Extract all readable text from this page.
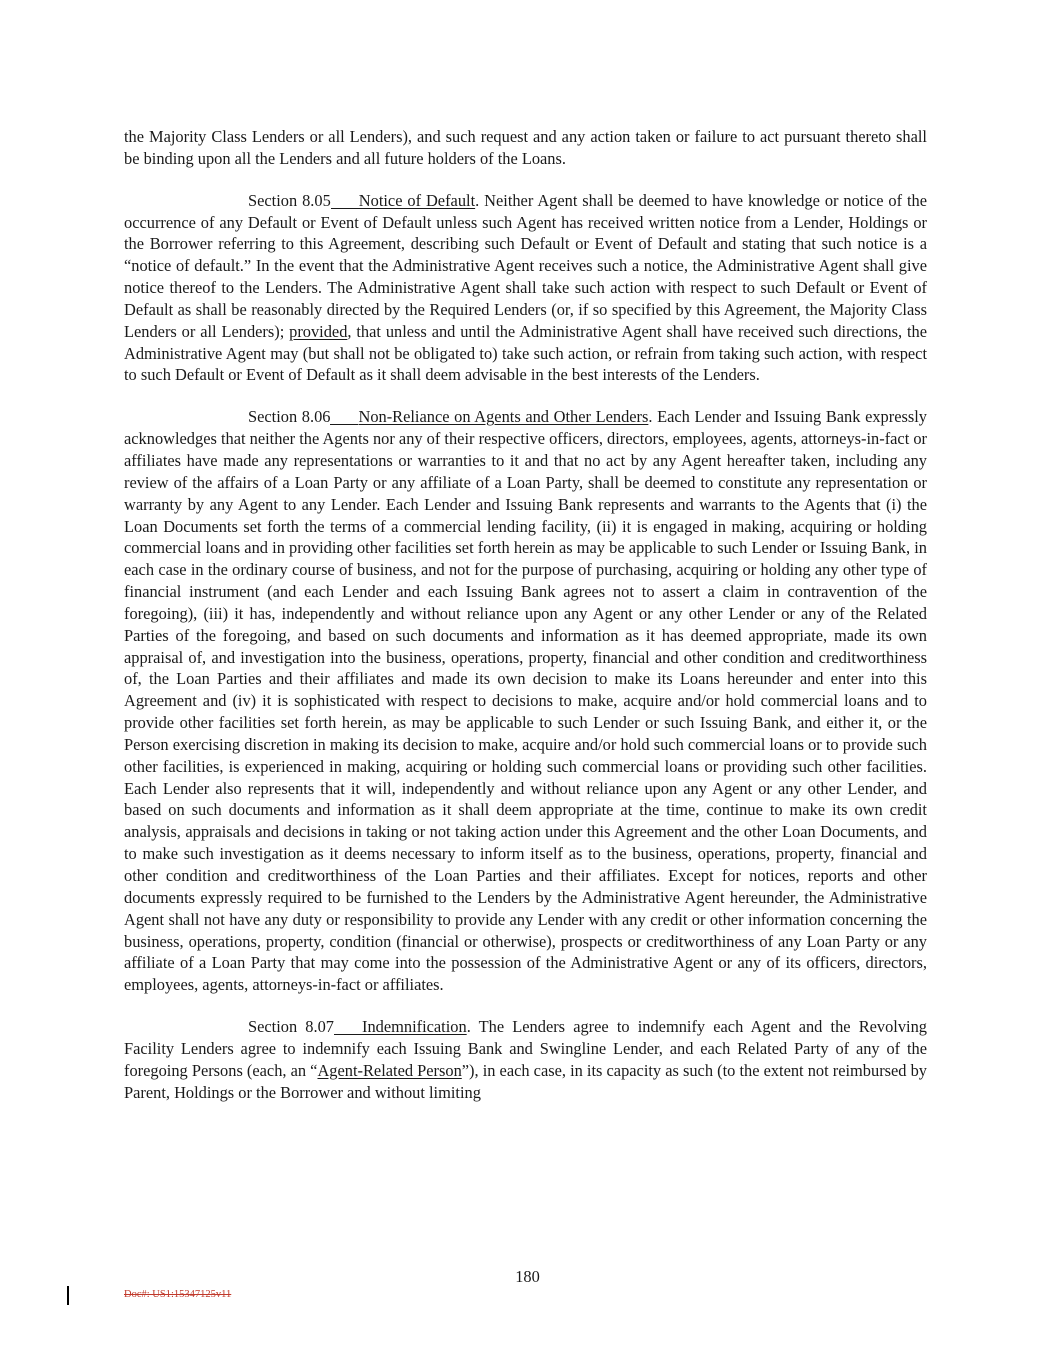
the Majority Class Lenders or all Lenders), and such request and any action taken or failure to act pursuant thereto shall be binding upon all the Lenders and all future holders of the Loans.

Section 8.05 Notice of Default. Neither Agent shall be deemed to have knowledge or notice of the occurrence of any Default or Event of Default unless such Agent has received written notice from a Lender, Holdings or the Borrower referring to this Agreement, describing such Default or Event of Default and stating that such notice is a “notice of default.” In the event that the Administrative Agent receives such a notice, the Administrative Agent shall give notice thereof to the Lenders. The Administrative Agent shall take such action with respect to such Default or Event of Default as shall be reasonably directed by the Required Lenders (or, if so specified by this Agreement, the Majority Class Lenders or all Lenders); provided, that unless and until the Administrative Agent shall have received such directions, the Administrative Agent may (but shall not be obligated to) take such action, or refrain from taking such action, with respect to such Default or Event of Default as it shall deem advisable in the best interests of the Lenders.

Section 8.06 Non-Reliance on Agents and Other Lenders. Each Lender and Issuing Bank expressly acknowledges that neither the Agents nor any of their respective officers, directors, employees, agents, attorneys-in-fact or affiliates have made any representations or warranties to it and that no act by any Agent hereafter taken, including any review of the affairs of a Loan Party or any affiliate of a Loan Party, shall be deemed to constitute any representation or warranty by any Agent to any Lender. Each Lender and Issuing Bank represents and warrants to the Agents that (i) the Loan Documents set forth the terms of a commercial lending facility, (ii) it is engaged in making, acquiring or holding commercial loans and in providing other facilities set forth herein as may be applicable to such Lender or Issuing Bank, in each case in the ordinary course of business, and not for the purpose of purchasing, acquiring or holding any other type of financial instrument (and each Lender and each Issuing Bank agrees not to assert a claim in contravention of the foregoing), (iii) it has, independently and without reliance upon any Agent or any other Lender or any of the Related Parties of the foregoing, and based on such documents and information as it has deemed appropriate, made its own appraisal of, and investigation into the business, operations, property, financial and other condition and creditworthiness of, the Loan Parties and their affiliates and made its own decision to make its Loans hereunder and enter into this Agreement and (iv) it is sophisticated with respect to decisions to make, acquire and/or hold commercial loans and to provide other facilities set forth herein, as may be applicable to such Lender or such Issuing Bank, and either it, or the Person exercising discretion in making its decision to make, acquire and/or hold such commercial loans or to provide such other facilities, is experienced in making, acquiring or holding such commercial loans or providing such other facilities. Each Lender also represents that it will, independently and without reliance upon any Agent or any other Lender, and based on such documents and information as it shall deem appropriate at the time, continue to make its own credit analysis, appraisals and decisions in taking or not taking action under this Agreement and the other Loan Documents, and to make such investigation as it deems necessary to inform itself as to the business, operations, property, financial and other condition and creditworthiness of the Loan Parties and their affiliates. Except for notices, reports and other documents expressly required to be furnished to the Lenders by the Administrative Agent hereunder, the Administrative Agent shall not have any duty or responsibility to provide any Lender with any credit or other information concerning the business, operations, property, condition (financial or otherwise), prospects or creditworthiness of any Loan Party or any affiliate of a Loan Party that may come into the possession of the Administrative Agent or any of its officers, directors, employees, agents, attorneys-in-fact or affiliates.

Section 8.07 Indemnification. The Lenders agree to indemnify each Agent and the Revolving Facility Lenders agree to indemnify each Issuing Bank and Swingline Lender, and each Related Party of any of the foregoing Persons (each, an “Agent-Related Person”), in each case, in its capacity as such (to the extent not reimbursed by Parent, Holdings or the Borrower and without limiting

180
Doc#: US1:15347125v11
